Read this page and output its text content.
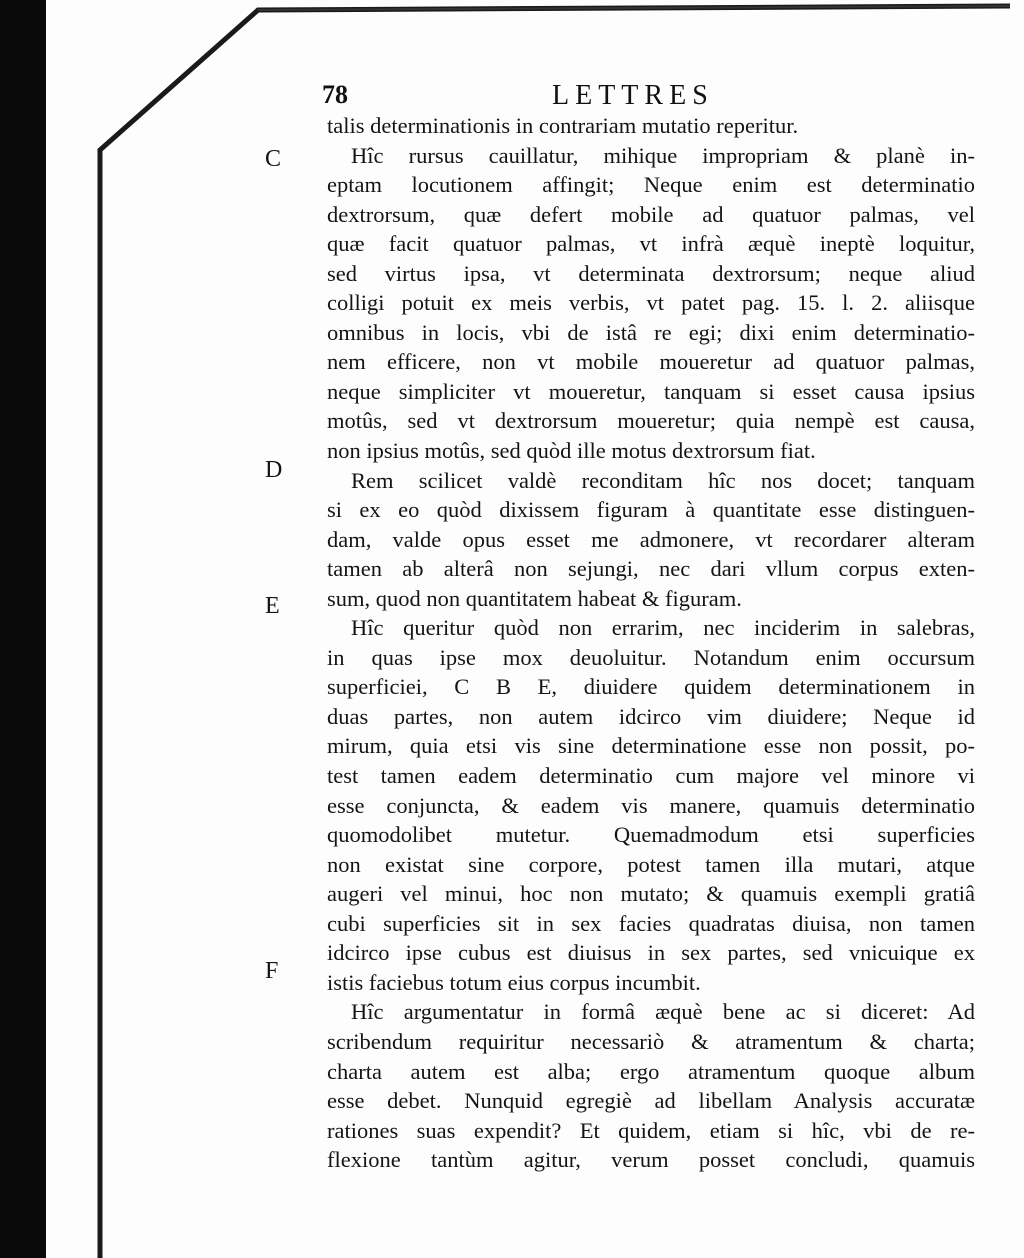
78	LETTRES
C
D
E
F
talis determinationis in contrariam mutatio reperitur.
Hîc rursus cauillatur, mihique impropriam & planè in-
eptam locutionem affingit; Neque enim est determinatio
dextrorsum, quæ defert mobile ad quatuor palmas, vel
quæ facit quatuor palmas, vt infrà æquè ineptè loquitur,
sed virtus ipsa, vt determinata dextrorsum; neque aliud
colligi potuit ex meis verbis, vt patet pag. 15. l. 2. aliisque
omnibus in locis, vbi de istâ re egi; dixi enim determinatio-
nem efficere, non vt mobile moueretur ad quatuor palmas,
neque simpliciter vt moueretur, tanquam si esset causa ipsius
motûs, sed vt dextrorsum moueretur; quia nempè est causa,
non ipsius motûs, sed quòd ille motus dextrorsum fiat.
Rem scilicet valdè reconditam hîc nos docet; tanquam
si ex eo quòd dixissem figuram à quantitate esse distinguen-
dam, valde opus esset me admonere, vt recordarer alteram
tamen ab alterâ non sejungi, nec dari vllum corpus exten-
sum, quod non quantitatem habeat & figuram.
Hîc queritur quòd non errarim, nec inciderim in salebras,
in quas ipse mox deuoluitur. Notandum enim occursum
superficiei, C B E, diuidere quidem determinationem in
duas partes, non autem idcirco vim diuidere; Neque id
mirum, quia etsi vis sine determinatione esse non possit, po-
test tamen eadem determinatio cum majore vel minore vi
esse conjuncta, & eadem vis manere, quamuis determinatio
quomodolibet mutetur. Quemadmodum etsi superficies
non existat sine corpore, potest tamen illa mutari, atque
augeri vel minui, hoc non mutato; & quamuis exempli gratiâ
cubi superficies sit in sex facies quadratas diuisa, non tamen
idcirco ipse cubus est diuisus in sex partes, sed vnicuique ex
istis faciebus totum eius corpus incumbit.
Hîc argumentatur in formâ æquè bene ac si diceret: Ad
scribendum requiritur necessariò & atramentum & charta;
charta autem est alba; ergo atramentum quoque album
esse debet. Nunquid egregiè ad libellam Analysis accuratæ
rationes suas expendit? Et quidem, etiam si hîc, vbi de re-
flexione tantùm agitur, verum posset concludi, quamuis
